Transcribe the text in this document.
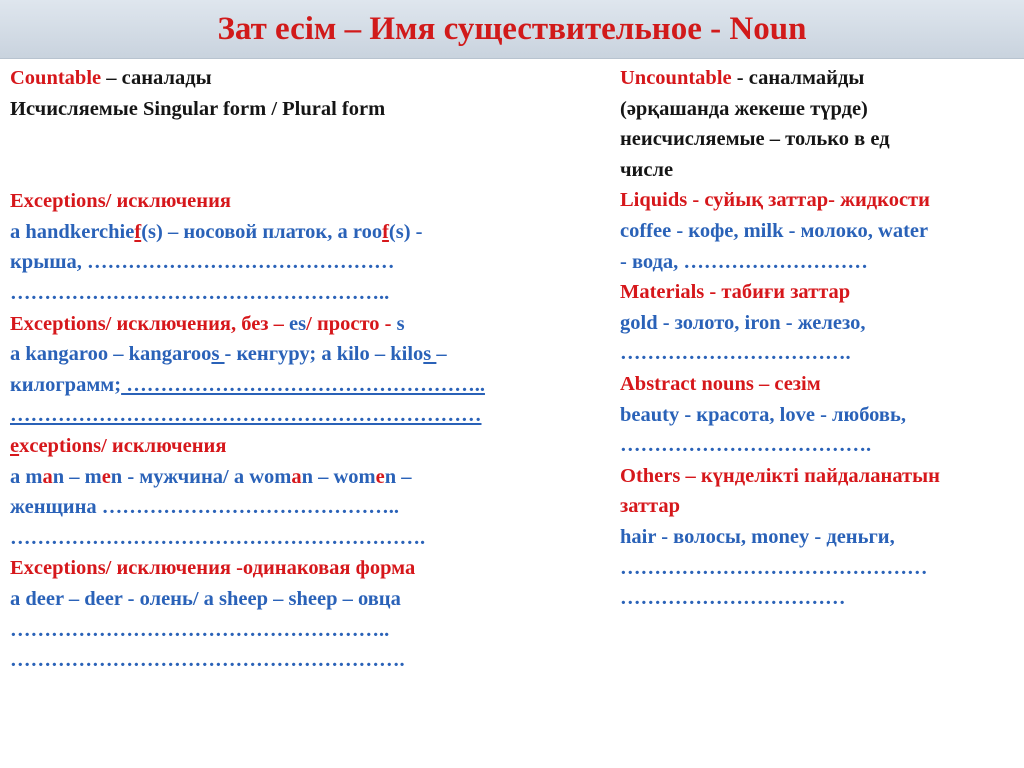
Зат есім – Имя существительное - Noun
Countable – саналады
Исчисляемые Singular form / Plural form
Exceptions/ исключения
a handkerchief(s) – носовой платок, a roof(s) -
крыша, ………………………………………
………………………………………………..
Exceptions/ исключения, без – es/ просто - s
a kangaroo – kangaroos - кенгуру; a kilo – kilos –
килограмм; ……………………………………………..
……………………………………………………………
exceptions/ исключения
a man – men - мужчина/ a woman – women –
женщина ……………………………………..
…………………………………………………….
Exceptions/ исключения -одинаковая форма
a deer – deer - олень/ a sheep – sheep – овца
………………………………………………..
………………………………………………….
Uncountable - саналмайды
(әрқашанда жекеше түрде)
неисчисляемые – только в ед
числе
Liquids - суйық заттар- жидкости
coffee - кофе, milk - молоко, water
- вода, ………………………
Materials - табиғи заттар
gold - золото, iron - железо,
…………………………….
Abstract nouns – сезім
beauty - красота, love - любовь,
……………………………….
Others – күнделікті пайдаланатын
заттар
hair - волосы, money - деньги,
………………………………………
……………………………
